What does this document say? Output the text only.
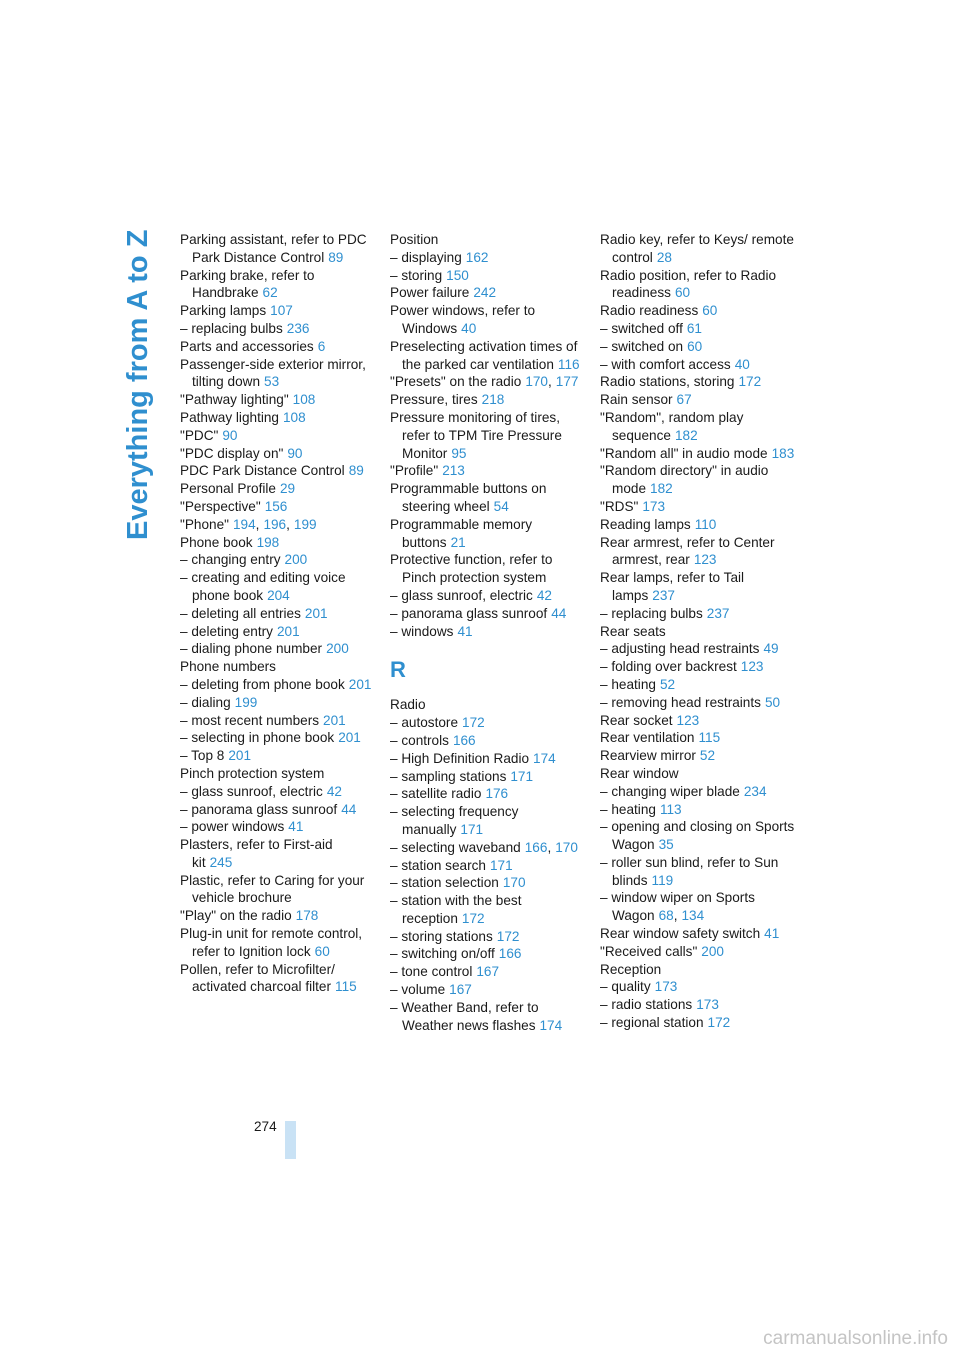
Everything from A to Z Parking assistant, refer to PDC Park Distance Control 89
Parking brake, refer to Handbrake 62
Parking lamps 107
– replacing bulbs 236
Parts and accessories 6
Passenger-side exterior mirror, tilting down 53
"Pathway lighting" 108
Pathway lighting 108
"PDC" 90
"PDC display on" 90
PDC Park Distance Control 89
Personal Profile 29
"Perspective" 156
"Phone" 194, 196, 199
Phone book 198
– changing entry 200
– creating and editing voice phone book 204
– deleting all entries 201
– deleting entry 201
– dialing phone number 200
Phone numbers
– deleting from phone book 201
– dialing 199
– most recent numbers 201
– selecting in phone book 201
– Top 8 201
Pinch protection system
– glass sunroof, electric 42
– panorama glass sunroof 44
– power windows 41
Plasters, refer to First-aid kit 245
Plastic, refer to Caring for your vehicle brochure
"Play" on the radio 178
Plug-in unit for remote control, refer to Ignition lock 60
Pollen, refer to Microfilter/ activated charcoal filter 115
Position
– displaying 162
– storing 150
Power failure 242
Power windows, refer to Windows 40
Preselecting activation times of the parked car ventilation 116
"Presets" on the radio 170, 177
Pressure, tires 218
Pressure monitoring of tires, refer to TPM Tire Pressure Monitor 95
"Profile" 213
Programmable buttons on steering wheel 54
Programmable memory buttons 21
Protective function, refer to Pinch protection system
– glass sunroof, electric 42
– panorama glass sunroof 44
– windows 41
R
Radio
– autostore 172
– controls 166
– High Definition Radio 174
– sampling stations 171
– satellite radio 176
– selecting frequency manually 171
– selecting waveband 166, 170
– station search 171
– station selection 170
– station with the best reception 172
– storing stations 172
– switching on/off 166
– tone control 167
– volume 167
– Weather Band, refer to Weather news flashes 174
Radio key, refer to Keys/ remote control 28
Radio position, refer to Radio readiness 60
Radio readiness 60
– switched off 61
– switched on 60
– with comfort access 40
Radio stations, storing 172
Rain sensor 67
"Random", random play sequence 182
"Random all" in audio mode 183
"Random directory" in audio mode 182
"RDS" 173
Reading lamps 110
Rear armrest, refer to Center armrest, rear 123
Rear lamps, refer to Tail lamps 237
– replacing bulbs 237
Rear seats
– adjusting head restraints 49
– folding over backrest 123
– heating 52
– removing head restraints 50
Rear socket 123
Rear ventilation 115
Rearview mirror 52
Rear window
– changing wiper blade 234
– heating 113
– opening and closing on Sports Wagon 35
– roller sun blind, refer to Sun blinds 119
– window wiper on Sports Wagon 68, 134
Rear window safety switch 41
"Received calls" 200
Reception
– quality 173
– radio stations 173
– regional station 172
274
carmanualsonline.info
